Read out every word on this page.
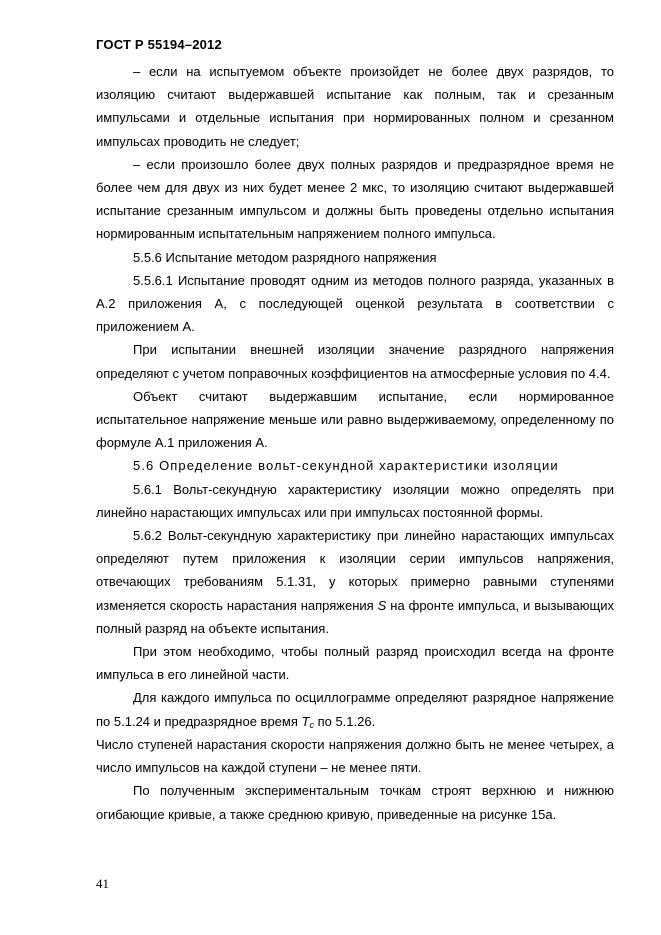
ГОСТ Р 55194–2012

– если на испытуемом объекте произойдет не более двух разрядов, то изоляцию считают выдержавшей испытание как полным, так и срезанным импульсами и отдельные испытания при нормированных полном и срезанном импульсах проводить не следует;

– если произошло более двух полных разрядов и предразрядное время не более чем для двух из них будет менее 2 мкс, то изоляцию считают выдержавшей испытание срезанным импульсом и должны быть проведены отдельно испытания нормированным испытательным напряжением полного импульса.

5.5.6 Испытание методом разрядного напряжения

5.5.6.1 Испытание проводят одним из методов полного разряда, указанных в А.2 приложения А, с последующей оценкой результата в соответствии с приложением А.

При испытании внешней изоляции значение разрядного напряжения определяют с учетом поправочных коэффициентов на атмосферные условия по 4.4.

Объект считают выдержавшим испытание, если нормированное испытательное напряжение меньше или равно выдерживаемому, определенному по формуле А.1 приложения А.

5.6 Определение вольт-секундной характеристики изоляции

5.6.1 Вольт-секундную характеристику изоляции можно определять при линейно нарастающих импульсах или при импульсах постоянной формы.

5.6.2 Вольт-секундную характеристику при линейно нарастающих импульсах определяют путем приложения к изоляции серии импульсов напряжения, отвечающих требованиям 5.1.31, у которых примерно равными ступенями изменяется скорость нарастания напряжения S на фронте импульса, и вызывающих полный разряд на объекте испытания.

При этом необходимо, чтобы полный разряд происходил всегда на фронте импульса в его линейной части.

Для каждого импульса по осциллограмме определяют разрядное напряжение по 5.1.24 и предразрядное время $T_c$ по 5.1.26.

Число ступеней нарастания скорости напряжения должно быть не менее четырех, а число импульсов на каждой ступени – не менее пяти.

По полученным экспериментальным точкам строят верхнюю и нижнюю огибающие кривые, а также среднюю кривую, приведенные на рисунке 15а.

41
